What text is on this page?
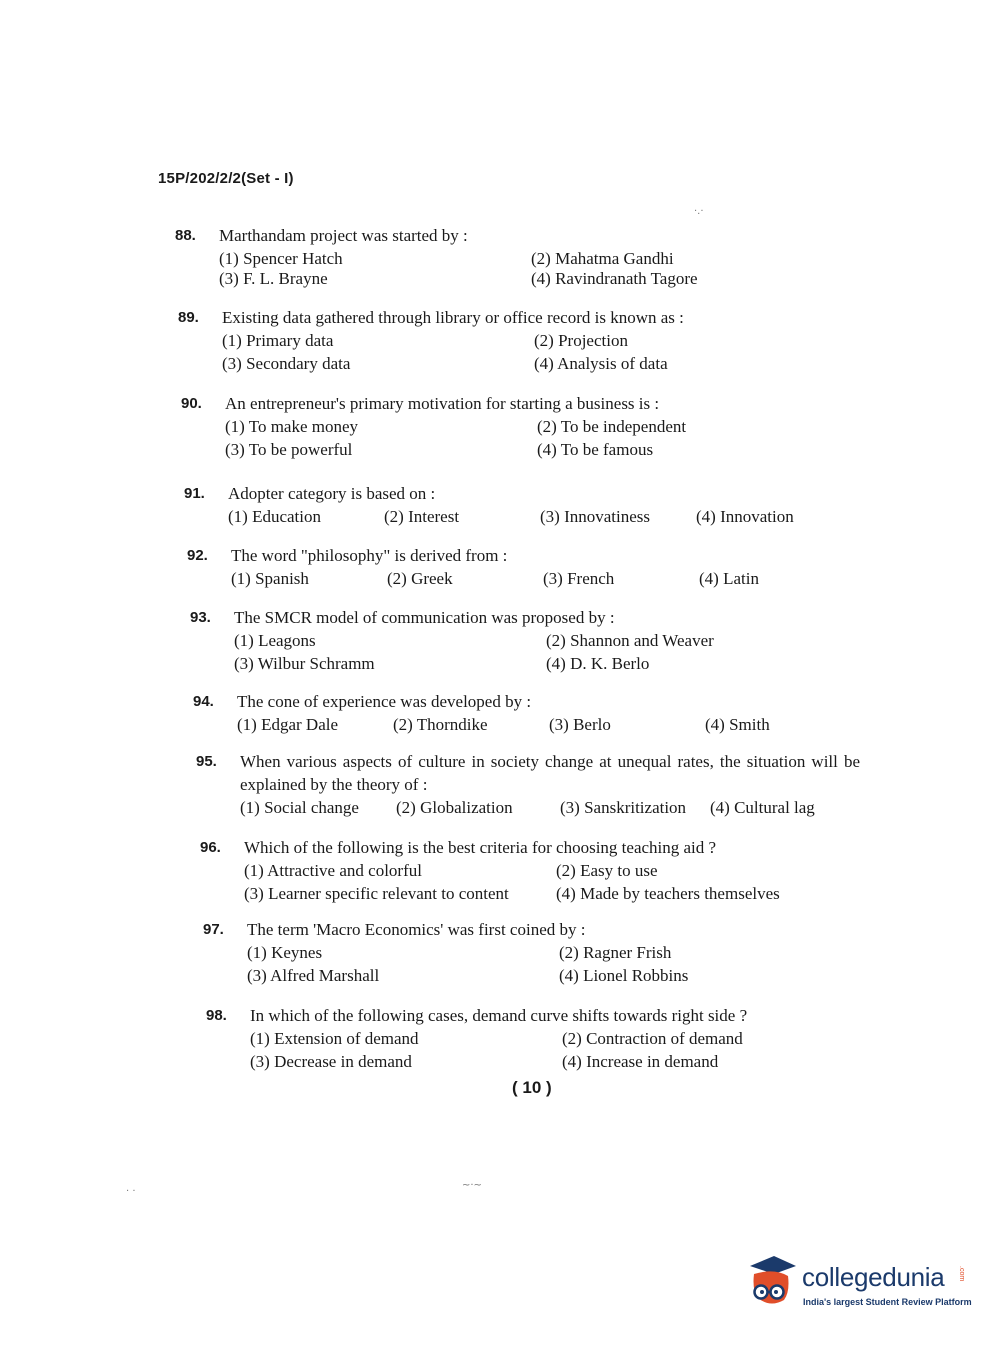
15P/202/2/2(Set - I)
88.	Marthandam project was started by :
(1) Spencer Hatch
(3) F. L. Brayne
(2) Mahatma Gandhi
(4) Ravindranath Tagore
89.	Existing data gathered through library or office record is known as :
(1) Primary data
(3) Secondary data
(2) Projection
(4) Analysis of data
90.	An entrepreneur's primary motivation for starting a business is :
(1) To make money
(3) To be powerful
(2) To be independent
(4) To be famous
91.	Adopter category is based on :
(1) Education	(2) Interest	(3) Innovatiness	(4) Innovation
92.	The word "philosophy" is derived from :
(1) Spanish	(2) Greek	(3) French	(4) Latin
93.	The SMCR model of communication was proposed by :
(1) Leagons
(3) Wilbur Schramm
(2) Shannon and Weaver
(4) D. K. Berlo
94.	The cone of experience was developed by :
(1) Edgar Dale	(2) Thorndike	(3) Berlo	(4) Smith
95.	When various aspects of culture in society change at unequal rates, the situation will be explained by the theory of :
(1) Social change	(2) Globalization	(3) Sanskritization	(4) Cultural lag
96.	Which of the following is the best criteria for choosing teaching aid ?
(1) Attractive and colorful
(3) Learner specific relevant to content
(2) Easy to use
(4) Made by teachers themselves
97.	The term 'Macro Economics' was first coined by :
(1) Keynes
(3) Alfred Marshall
(2) Ragner Frish
(4) Lionel Robbins
98.	In which of the following cases, demand curve shifts towards right side ?
(1) Extension of demand
(3) Decrease in demand
(2) Contraction of demand
(4) Increase in demand
( 10 )
·.·
~·~
· ·
collegedunia .com
India's largest Student Review Platform
